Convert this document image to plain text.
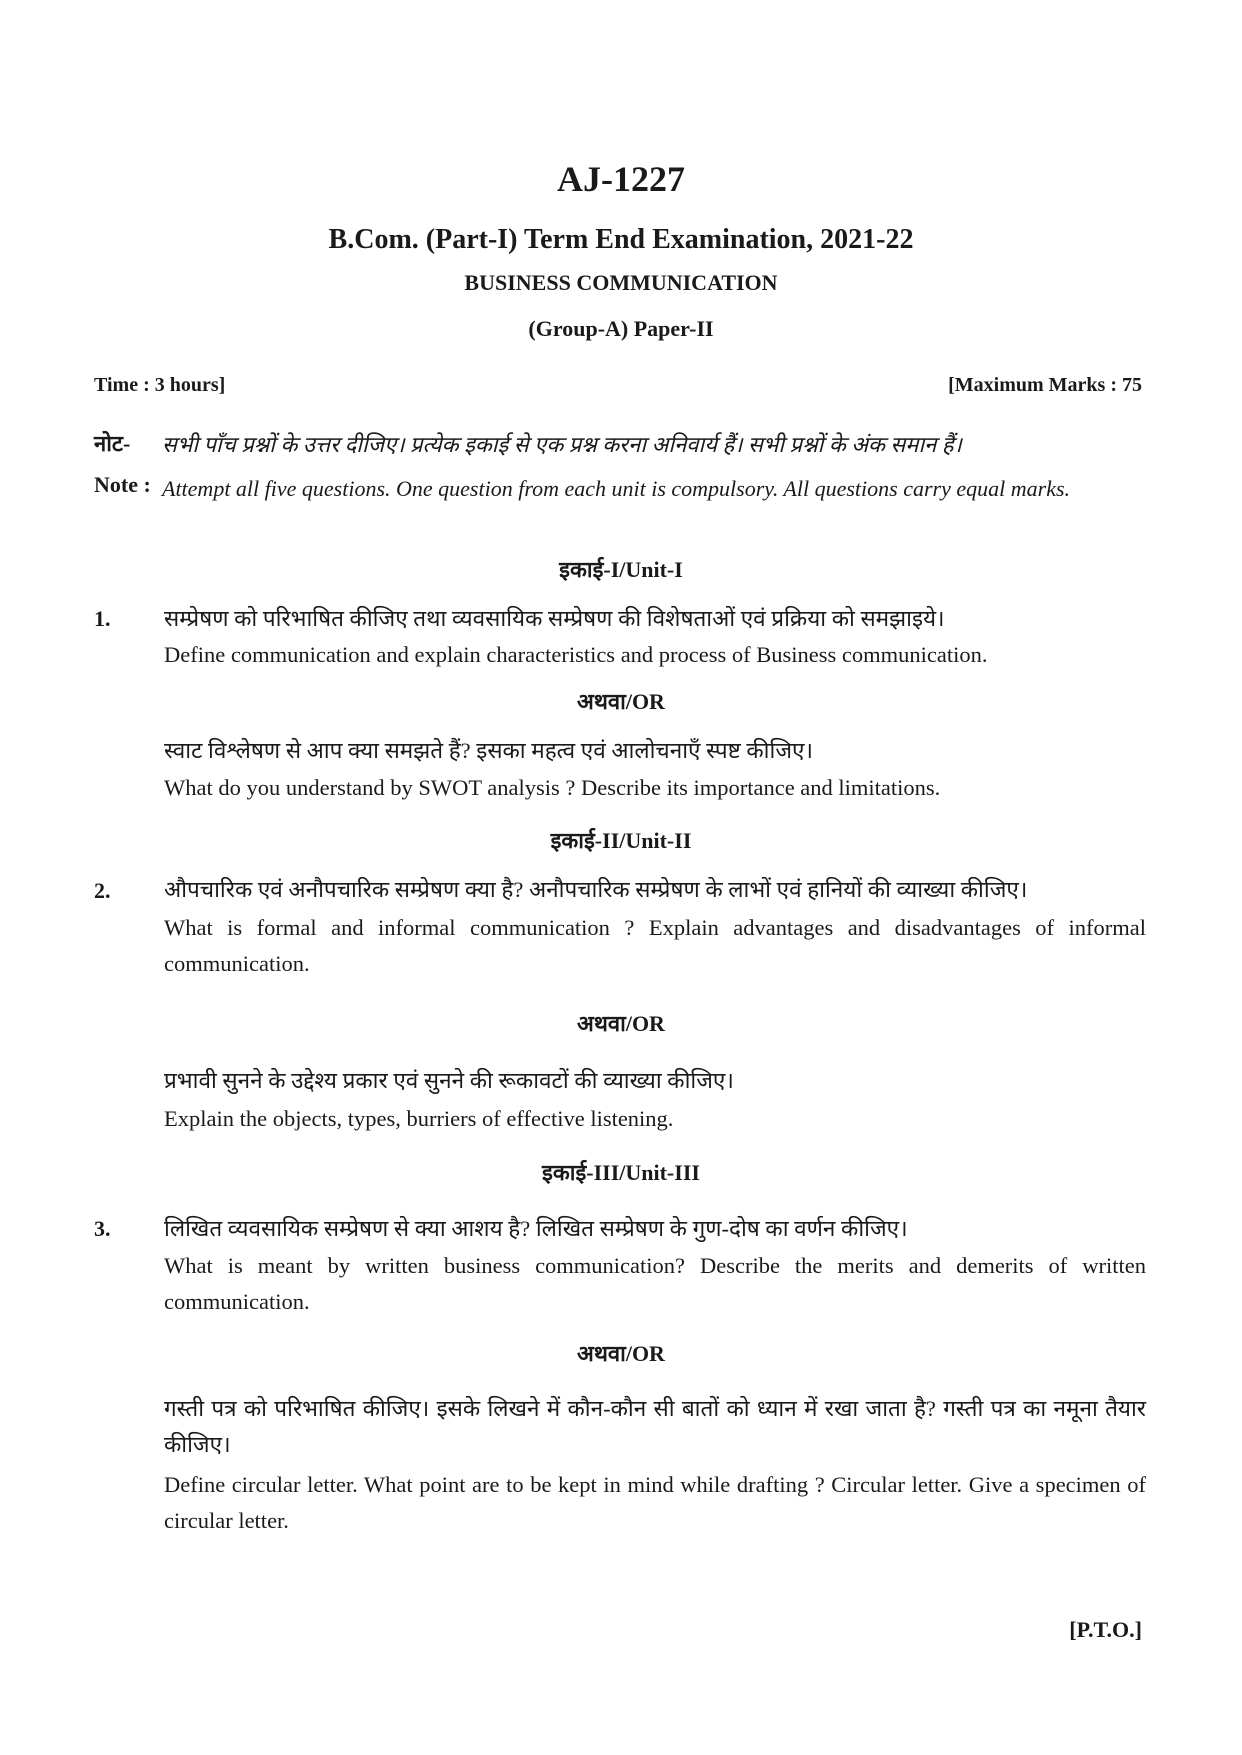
AJ-1227
B.Com. (Part-I) Term End Examination, 2021-22
BUSINESS COMMUNICATION
(Group-A) Paper-II
Time : 3 hours]	[Maximum Marks : 75
नोट- सभी पाँच प्रश्नों के उत्तर दीजिए। प्रत्येक इकाई से एक प्रश्न करना अनिवार्य हैं। सभी प्रश्नों के अंक समान हैं।
Note : Attempt all five questions. One question from each unit is compulsory. All questions carry equal marks.
इकाई-I/Unit-I
1. सम्प्रेषण को परिभाषित कीजिए तथा व्यवसायिक सम्प्रेषण की विशेषताओं एवं प्रक्रिया को समझाइये।
Define communication and explain characteristics and process of Business communication.
अथवा/OR
स्वाट विश्लेषण से आप क्या समझते हैं? इसका महत्व एवं आलोचनाएँ स्पष्ट कीजिए।
What do you understand by SWOT analysis ? Describe its importance and limitations.
इकाई-II/Unit-II
2. औपचारिक एवं अनौपचारिक सम्प्रेषण क्या है? अनौपचारिक सम्प्रेषण के लाभों एवं हानियों की व्याख्या कीजिए।
What is formal and informal communication ? Explain advantages and disadvantages of informal communication.
अथवा/OR
प्रभावी सुनने के उद्देश्य प्रकार एवं सुनने की रूकावटों की व्याख्या कीजिए।
Explain the objects, types, burriers of effective listening.
इकाई-III/Unit-III
3. लिखित व्यवसायिक सम्प्रेषण से क्या आशय है? लिखित सम्प्रेषण के गुण-दोष का वर्णन कीजिए।
What is meant by written business communication? Describe the merits and demerits of written communication.
अथवा/OR
गस्ती पत्र को परिभाषित कीजिए। इसके लिखने में कौन-कौन सी बातों को ध्यान में रखा जाता है? गस्ती पत्र का नमूना तैयार कीजिए।
Define circular letter. What point are to be kept in mind while drafting ? Circular letter. Give a specimen of circular letter.
[P.T.O.]
